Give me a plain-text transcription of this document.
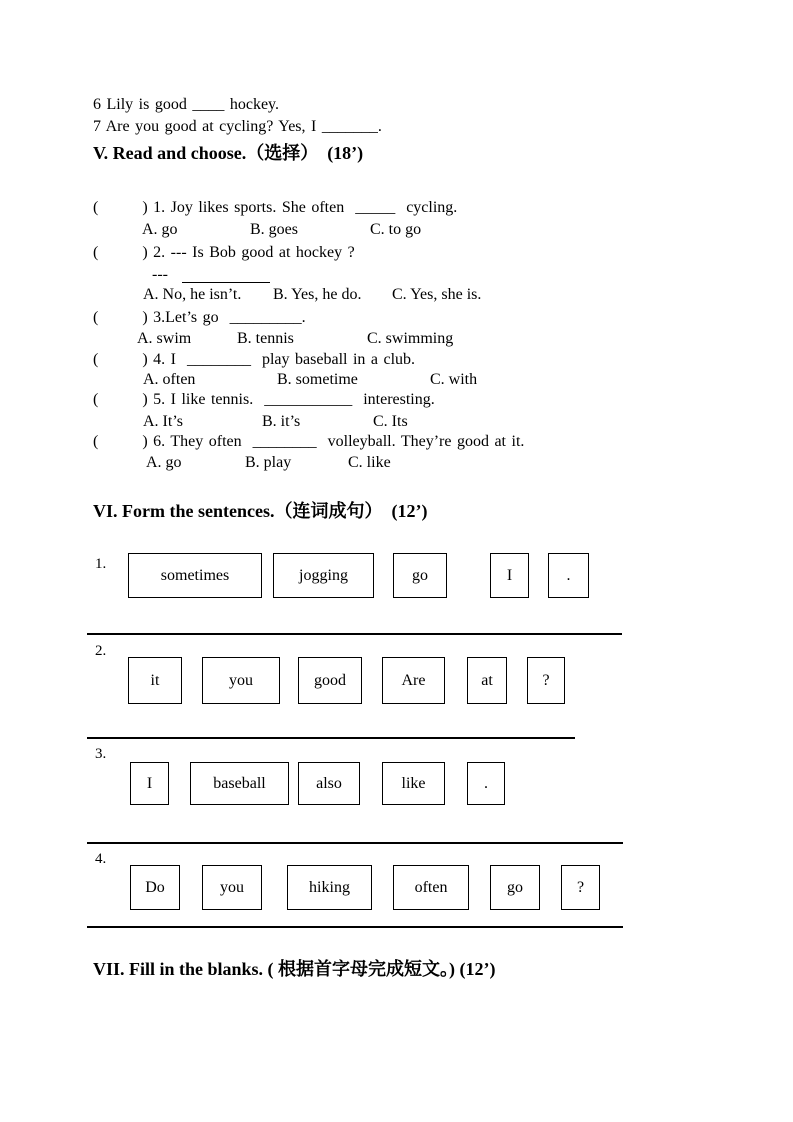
6 Lily is good ____ hockey.
7 Are you good at cycling? Yes, I _______.
V. Read and choose.（选择）  (18’)
(        ) 1. Joy likes sports. She often  _____  cycling.
A. go	B. goes	C. to go
(        ) 2. --- Is Bob good at hockey ?
---
A. No, he isn’t. B. Yes, he do. C. Yes, she is.
(        ) 3.Let’s go  _________.
A. swim	B. tennis	C. swimming
(        ) 4. I  ________  play baseball in a club.
A. often	B. sometime	C. with
(        ) 5. I like tennis.  ___________  interesting.
A. It’s	B. it’s	C. Its
(        ) 6. They often  ________  volleyball. They’re good at it.
A. go	B. play	C. like
VI. Form the sentences.（连词成句）  (12’)
1.
sometimes	jogging	go	I	.
2.
it	you	good	Are	at	?
3.
I	baseball	also	like	.
4.
Do	you	hiking	often	go	?
VII. Fill in the blanks. ( 根据首字母完成短文。) (12’)
